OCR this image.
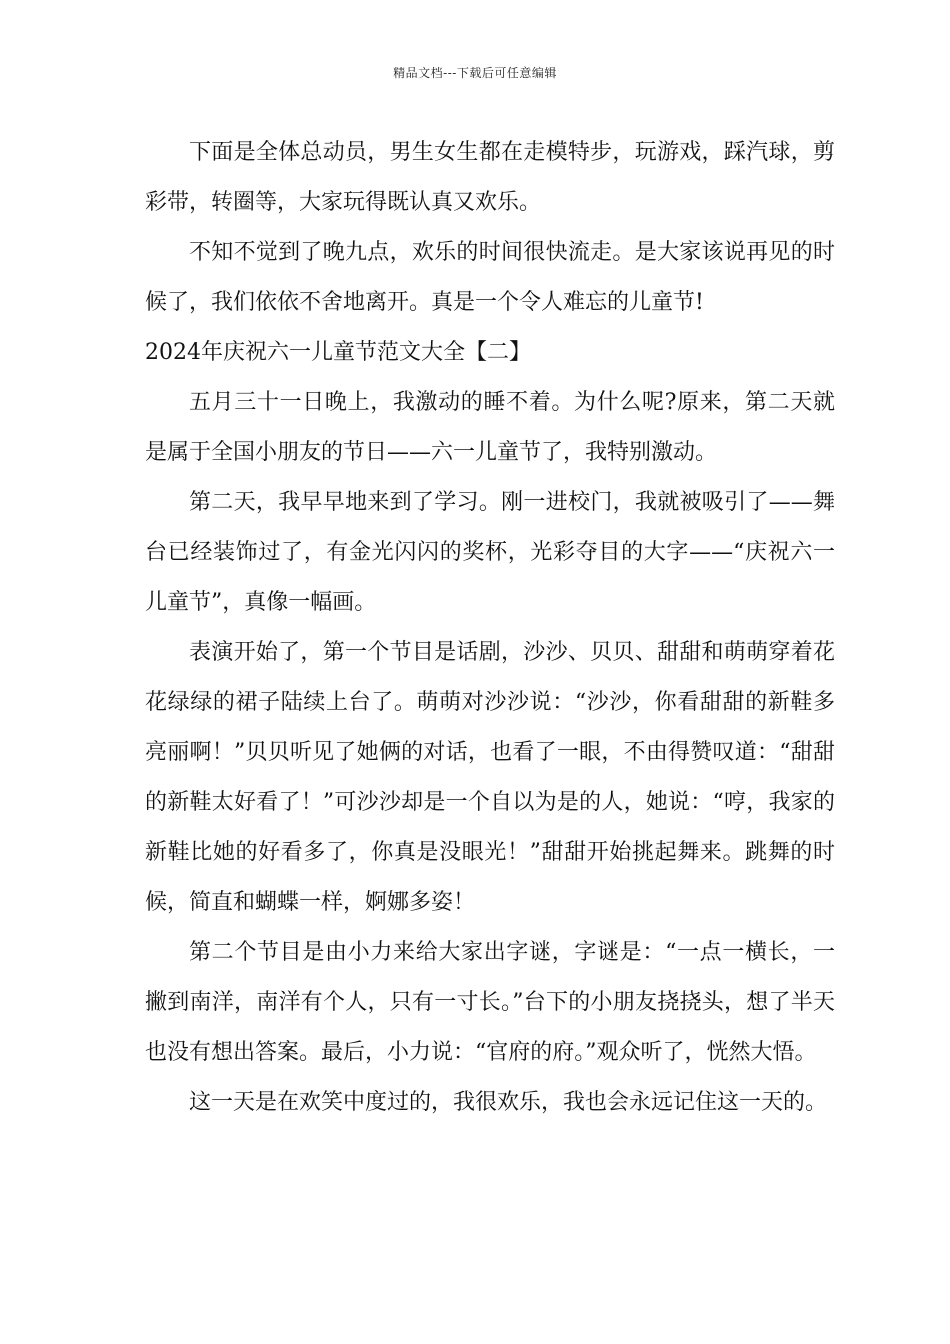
精品文档---下载后可任意编辑

下面是全体总动员，男生女生都在走模特步，玩游戏，踩汽球，剪彩带，转圈等，大家玩得既认真又欢乐。

不知不觉到了晚九点，欢乐的时间很快流走。是大家该说再见的时候了，我们依依不舍地离开。真是一个令人难忘的儿童节!

2024年庆祝六一儿童节范文大全【二】

五月三十一日晚上，我激动的睡不着。为什么呢?原来，第二天就是属于全国小朋友的节日——六一儿童节了，我特别激动。

第二天，我早早地来到了学习。刚一进校门，我就被吸引了——舞台已经装饰过了，有金光闪闪的奖杯，光彩夺目的大字——“庆祝六一儿童节”，真像一幅画。

表演开始了，第一个节目是话剧，沙沙、贝贝、甜甜和萌萌穿着花花绿绿的裙子陆续上台了。萌萌对沙沙说：“沙沙，你看甜甜的新鞋多亮丽啊！”贝贝听见了她俩的对话，也看了一眼，不由得赞叹道：“甜甜的新鞋太好看了！”可沙沙却是一个自以为是的人，她说：“哼，我家的新鞋比她的好看多了，你真是没眼光！”甜甜开始挑起舞来。跳舞的时候，简直和蝴蝶一样，婀娜多姿！

第二个节目是由小力来给大家出字谜，字谜是：“一点一横长，一撇到南洋，南洋有个人，只有一寸长。”台下的小朋友挠挠头，想了半天也没有想出答案。最后，小力说：“官府的府。”观众听了，恍然大悟。

这一天是在欢笑中度过的，我很欢乐，我也会永远记住这一天的。
